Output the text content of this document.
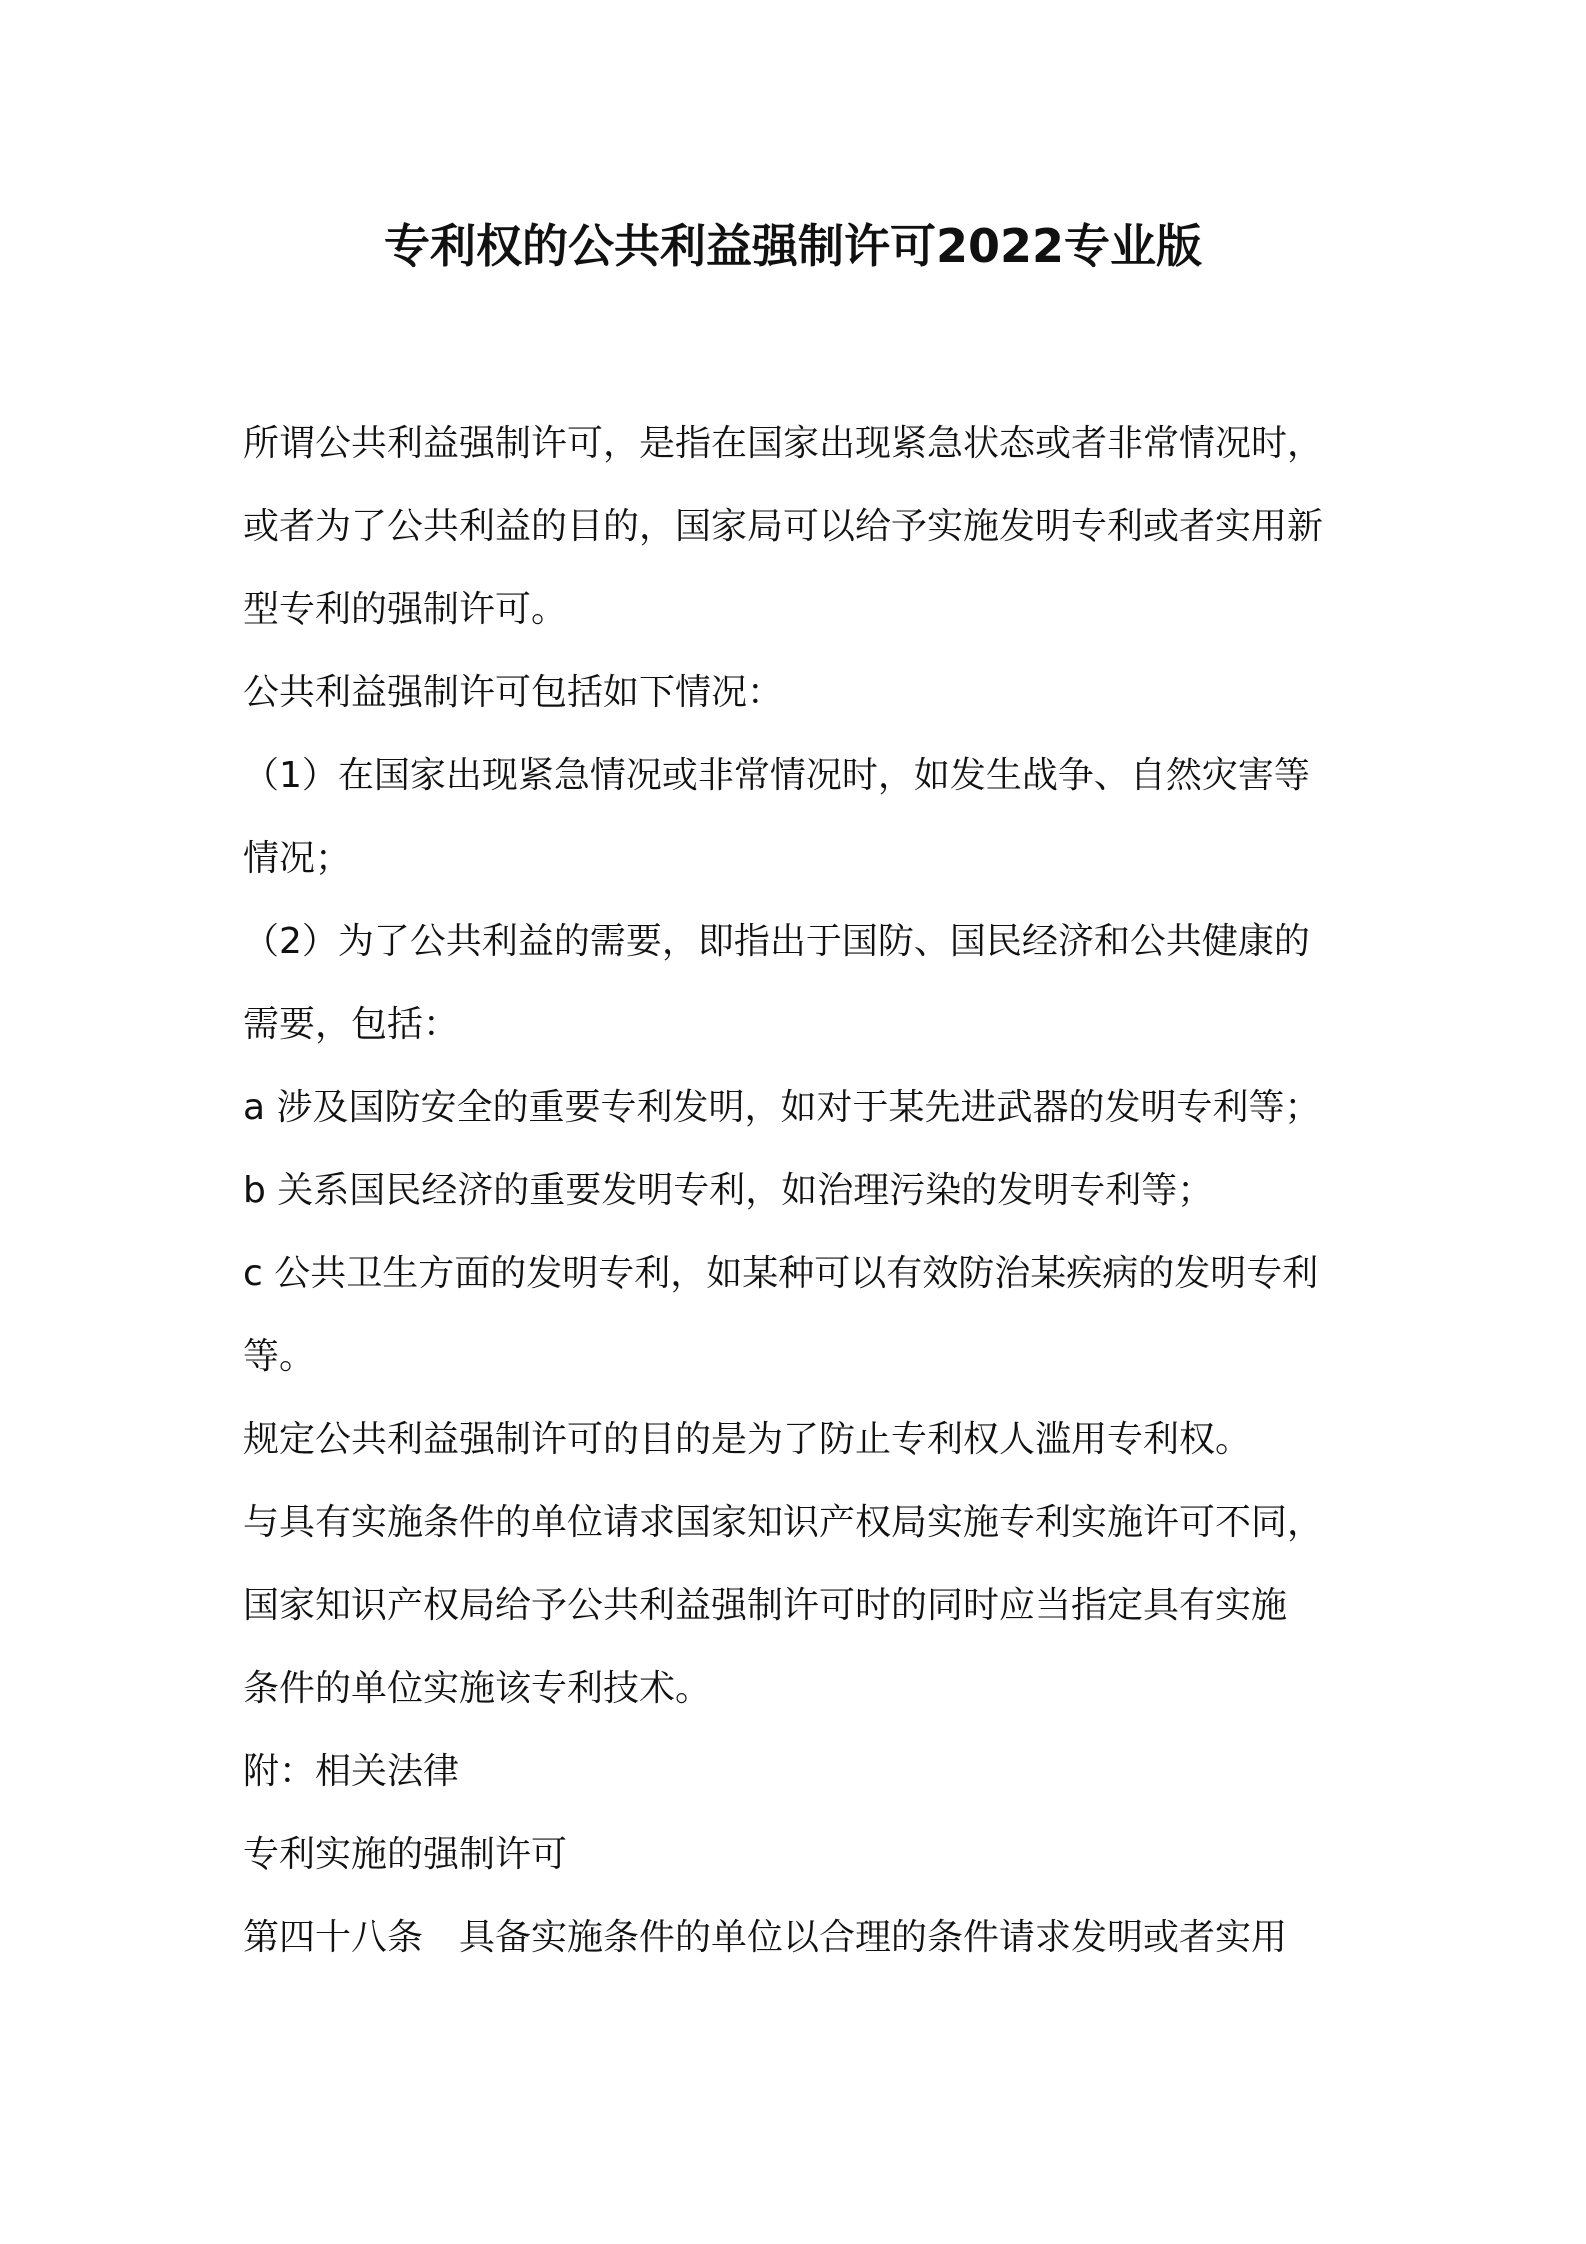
专利权的公共利益强制许可2022专业版
所谓公共利益强制许可，是指在国家出现紧急状态或者非常情况时，
或者为了公共利益的目的，国家局可以给予实施发明专利或者实用新
型专利的强制许可。
公共利益强制许可包括如下情况：
（1）在国家出现紧急情况或非常情况时，如发生战争、自然灾害等
情况；
（2）为了公共利益的需要，即指出于国防、国民经济和公共健康的
需要，包括：
a 涉及国防安全的重要专利发明，如对于某先进武器的发明专利等；
b 关系国民经济的重要发明专利，如治理污染的发明专利等；
c 公共卫生方面的发明专利，如某种可以有效防治某疾病的发明专利
等。
规定公共利益强制许可的目的是为了防止专利权人滥用专利权。
与具有实施条件的单位请求国家知识产权局实施专利实施许可不同，
国家知识产权局给予公共利益强制许可时的同时应当指定具有实施
条件的单位实施该专利技术。
附：相关法律
专利实施的强制许可
第四十八条　具备实施条件的单位以合理的条件请求发明或者实用
